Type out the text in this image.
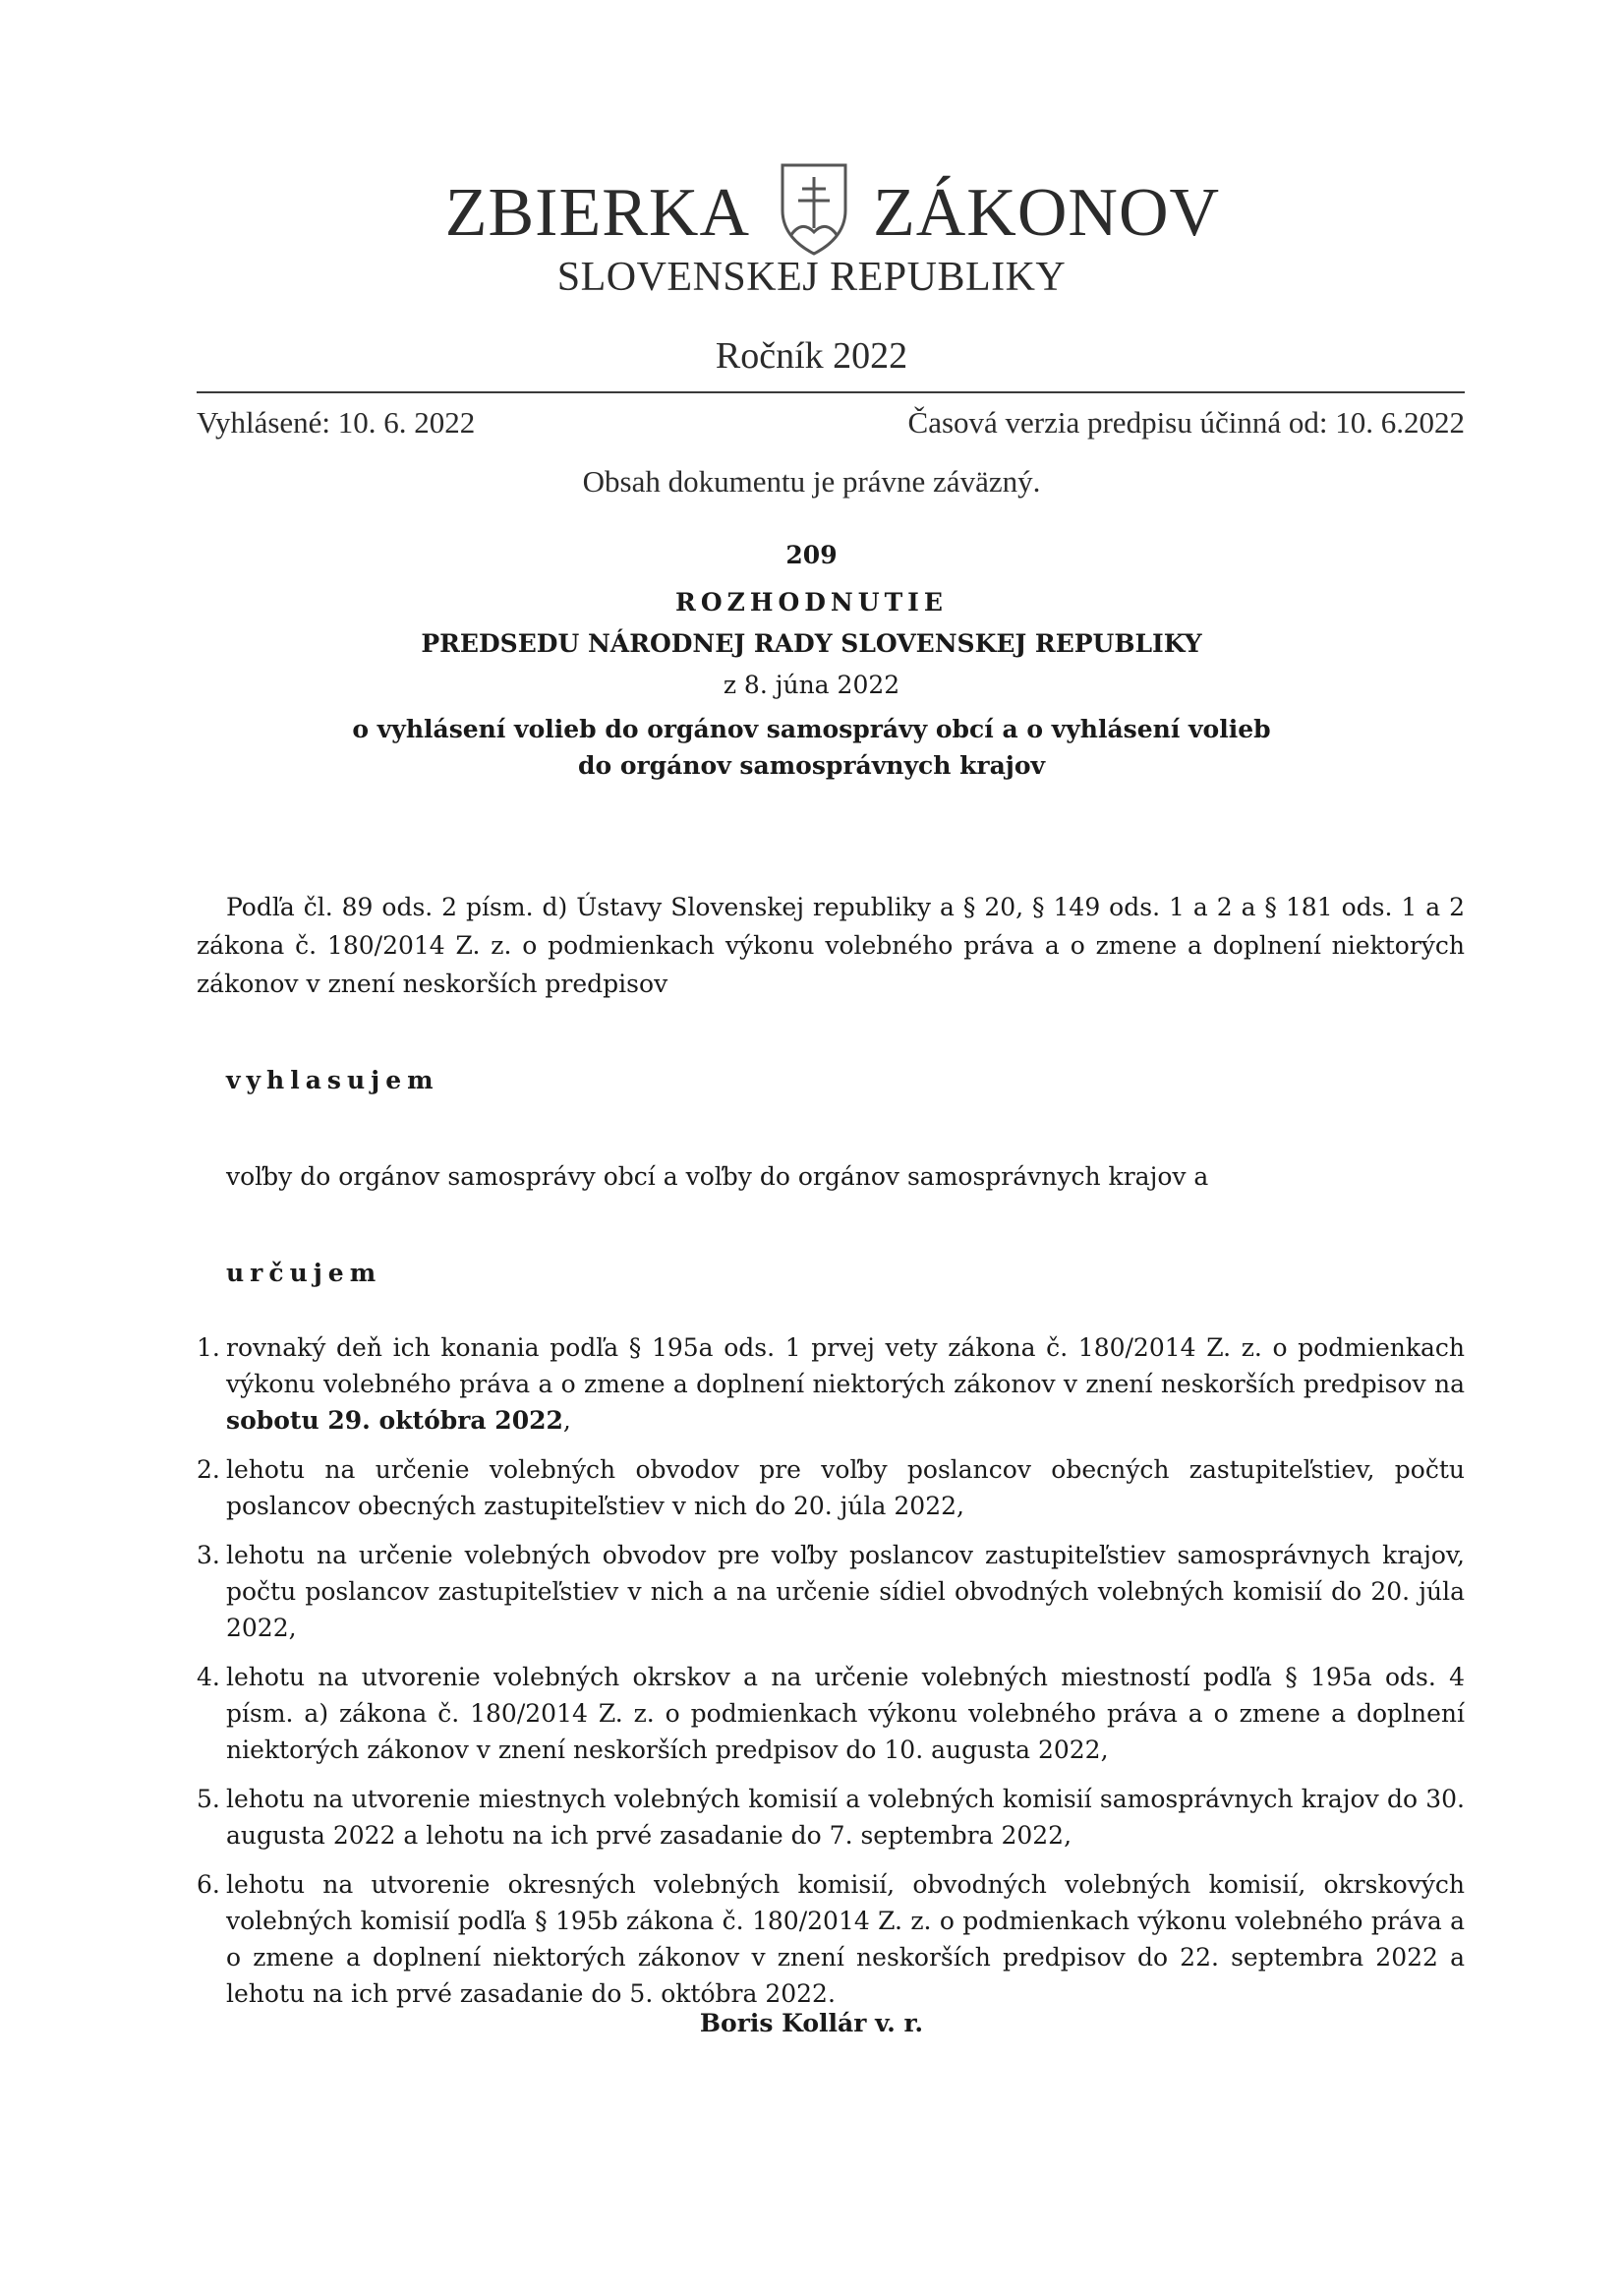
ZBIERKA ZÁKONOV
SLOVENSKEJ REPUBLIKY
Ročník 2022
Vyhlásené: 10. 6. 2022	Časová verzia predpisu účinná od: 10. 6.2022
Obsah dokumentu je právne záväzný.
209
ROZHODNUTIE
PREDSEDU NÁRODNEJ RADY SLOVENSKEJ REPUBLIKY
z 8. júna 2022
o vyhlásení volieb do orgánov samosprávy obcí a o vyhlásení volieb
do orgánov samosprávnych krajov
Podľa čl. 89 ods. 2 písm. d) Ústavy Slovenskej republiky a § 20, § 149 ods. 1 a 2 a § 181 ods. 1 a 2 zákona č. 180/2014 Z. z. o podmienkach výkonu volebného práva a o zmene a doplnení niektorých zákonov v znení neskorších predpisov
vyhlasujem
voľby do orgánov samosprávy obcí a voľby do orgánov samosprávnych krajov a
určujem
1. rovnaký deň ich konania podľa § 195a ods. 1 prvej vety zákona č. 180/2014 Z. z. o podmienkach výkonu volebného práva a o zmene a doplnení niektorých zákonov v znení neskorších predpisov na sobotu 29. októbra 2022,
2. lehotu na určenie volebných obvodov pre voľby poslancov obecných zastupiteľstiev, počtu poslancov obecných zastupiteľstiev v nich do 20. júla 2022,
3. lehotu na určenie volebných obvodov pre voľby poslancov zastupiteľstiev samosprávnych krajov, počtu poslancov zastupiteľstiev v nich a na určenie sídiel obvodných volebných komisií do 20. júla 2022,
4. lehotu na utvorenie volebných okrskov a na určenie volebných miestností podľa § 195a ods. 4 písm. a) zákona č. 180/2014 Z. z. o podmienkach výkonu volebného práva a o zmene a doplnení niektorých zákonov v znení neskorších predpisov do 10. augusta 2022,
5. lehotu na utvorenie miestnych volebných komisií a volebných komisií samosprávnych krajov do 30. augusta 2022 a lehotu na ich prvé zasadanie do 7. septembra 2022,
6. lehotu na utvorenie okresných volebných komisií, obvodných volebných komisií, okrskových volebných komisií podľa § 195b zákona č. 180/2014 Z. z. o podmienkach výkonu volebného práva a o zmene a doplnení niektorých zákonov v znení neskorších predpisov do 22. septembra 2022 a lehotu na ich prvé zasadanie do 5. októbra 2022.
Boris Kollár v. r.
